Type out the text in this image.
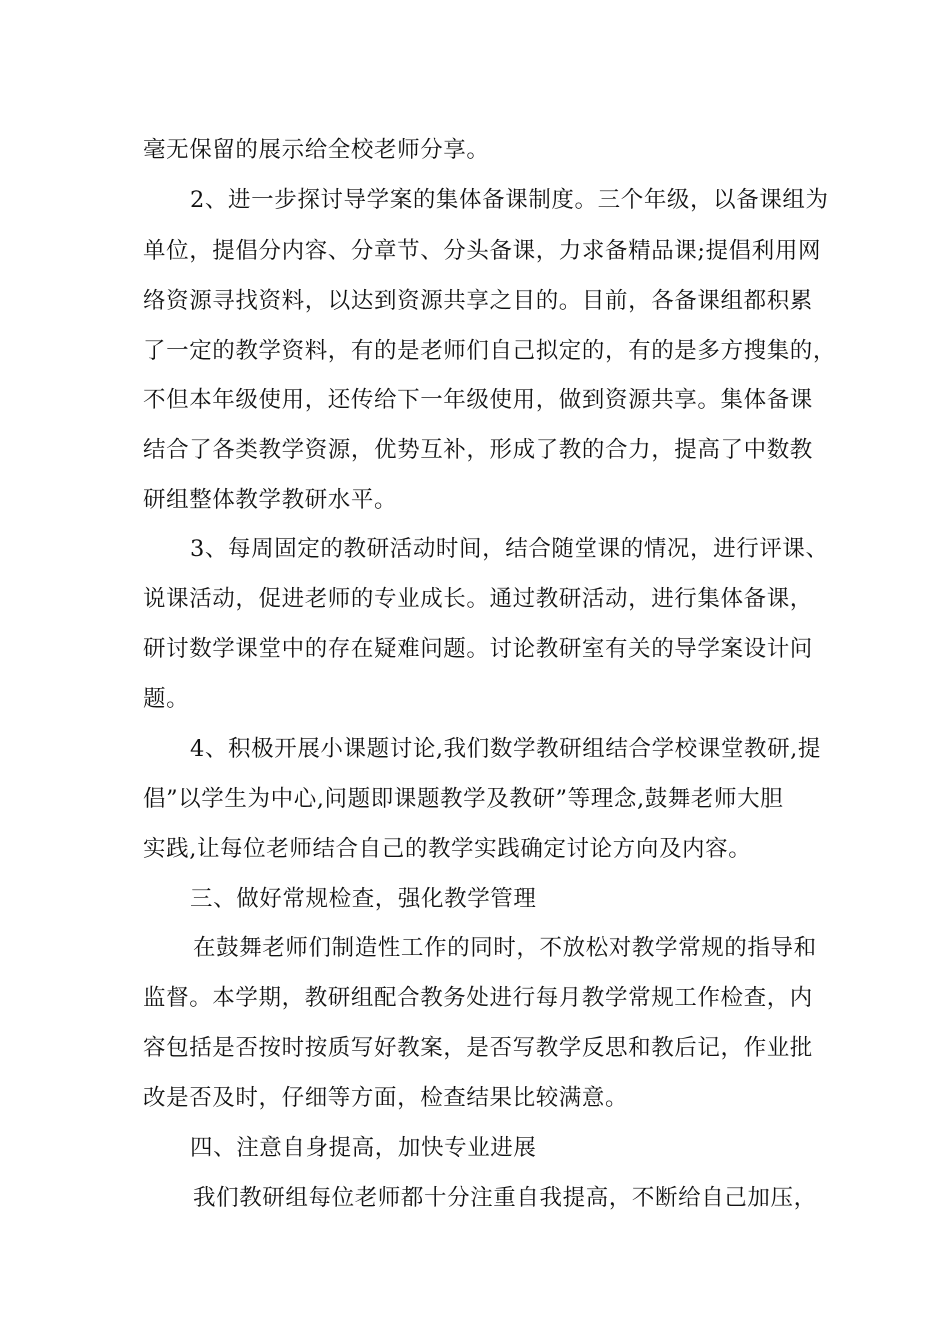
毫无保留的展示给全校老师分享。
2、进一步探讨导学案的集体备课制度。三个年级，以备课组为
单位，提倡分内容、分章节、分头备课，力求备精品课;提倡利用网
络资源寻找资料，以达到资源共享之目的。目前，各备课组都积累
了一定的教学资料，有的是老师们自己拟定的，有的是多方搜集的，
不但本年级使用，还传给下一年级使用，做到资源共享。集体备课
结合了各类教学资源，优势互补，形成了教的合力，提高了中数教
研组整体教学教研水平。
3、每周固定的教研活动时间，结合随堂课的情况，进行评课、
说课活动，促进老师的专业成长。通过教研活动，进行集体备课，
研讨数学课堂中的存在疑难问题。讨论教研室有关的导学案设计问
题。
4、积极开展小课题讨论,我们数学教研组结合学校课堂教研,提
倡”以学生为中心,问题即课题教学及教研”等理念,鼓舞老师大胆
实践,让每位老师结合自己的教学实践确定讨论方向及内容。
三、做好常规检查，强化教学管理
在鼓舞老师们制造性工作的同时，不放松对教学常规的指导和
监督。本学期，教研组配合教务处进行每月教学常规工作检查，内
容包括是否按时按质写好教案，是否写教学反思和教后记，作业批
改是否及时，仔细等方面，检查结果比较满意。
四、注意自身提高，加快专业进展
我们教研组每位老师都十分注重自我提高，不断给自己加压，
